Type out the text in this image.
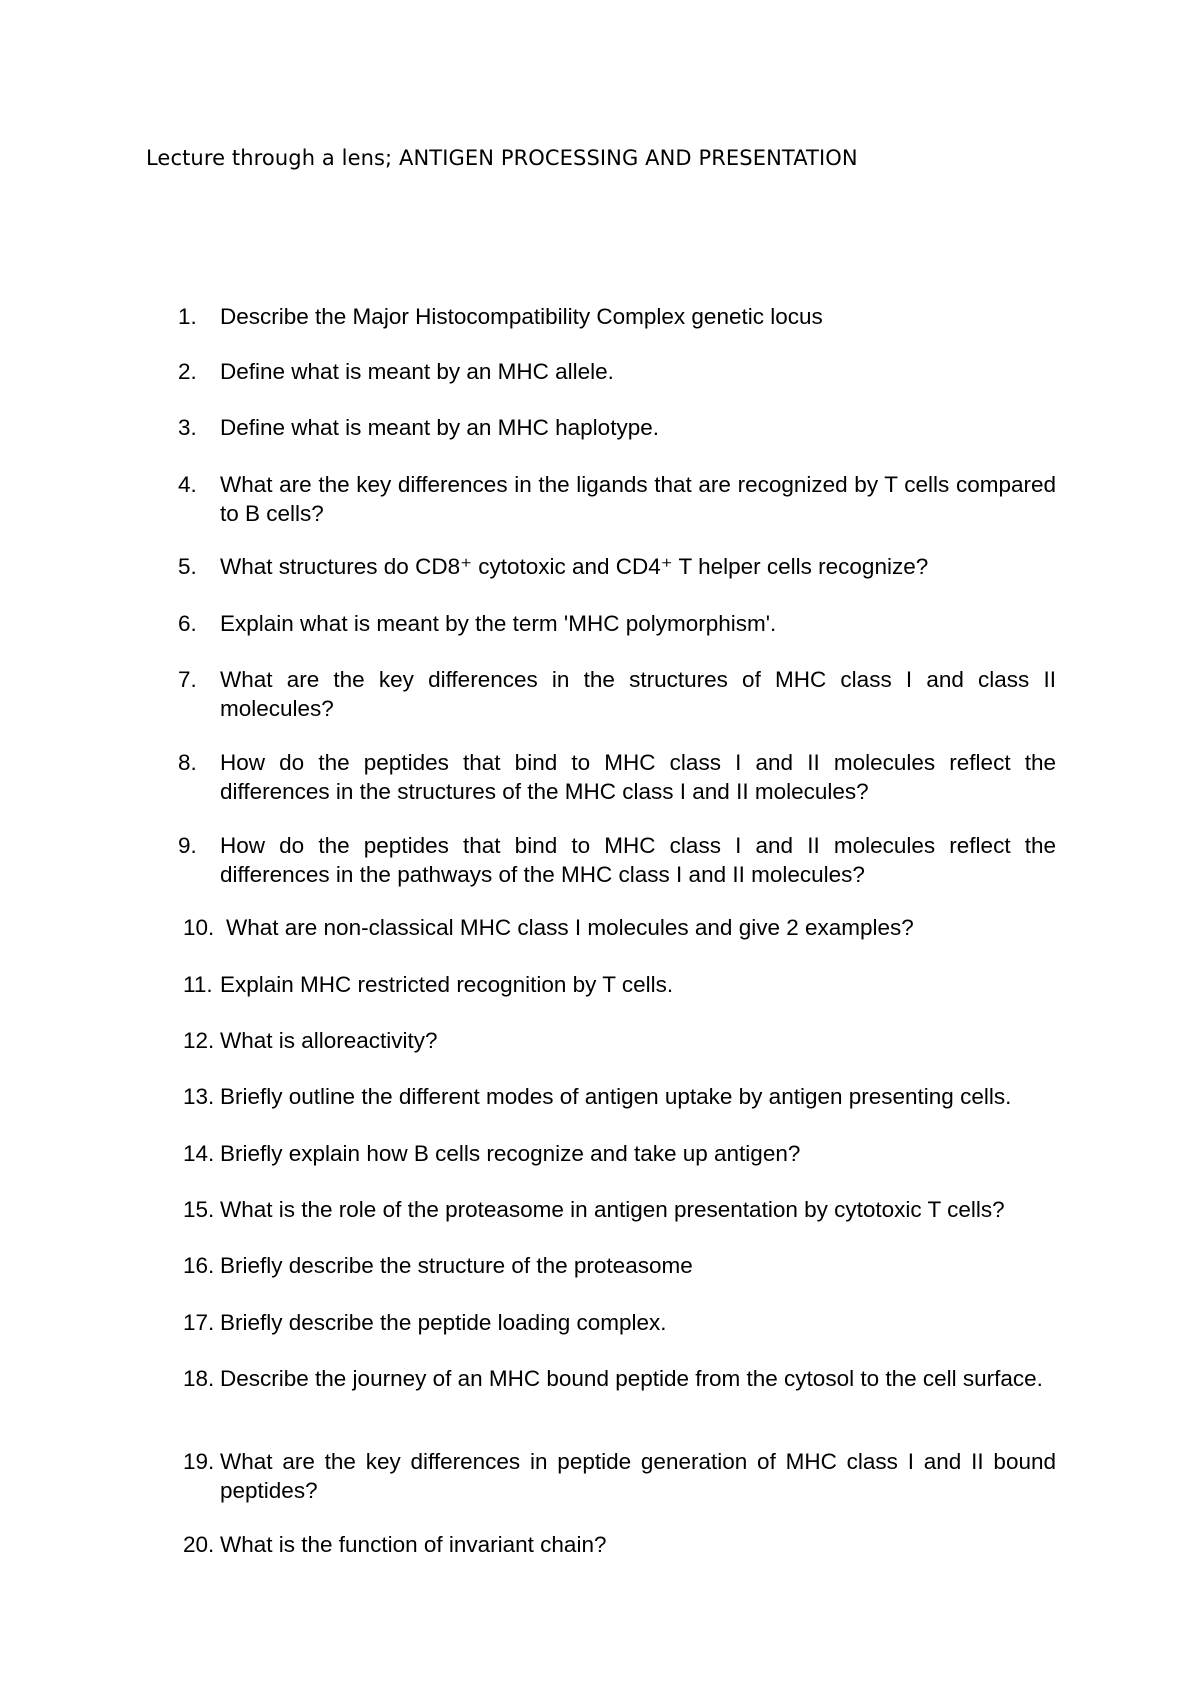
Lecture through a lens; ANTIGEN PROCESSING AND PRESENTATION
1. Describe the Major Histocompatibility Complex genetic locus
2. Define what is meant by an MHC allele.
3. Define what is meant by an MHC haplotype.
4. What are the key differences in the ligands that are recognized by T cells compared to B cells?
5. What structures do CD8⁺ cytotoxic and CD4⁺ T helper cells recognize?
6. Explain what is meant by the term 'MHC polymorphism'.
7. What are the key differences in the structures of MHC class I and class II molecules?
8. How do the peptides that bind to MHC class I and II molecules reflect the differences in the structures of the MHC class I and II molecules?
9. How do the peptides that bind to MHC class I and II molecules reflect the differences in the pathways of the MHC class I and II molecules?
10. What are non-classical MHC class I molecules and give 2 examples?
11. Explain MHC restricted recognition by T cells.
12. What is alloreactivity?
13. Briefly outline the different modes of antigen uptake by antigen presenting cells.
14. Briefly explain how B cells recognize and take up antigen?
15. What is the role of the proteasome in antigen presentation by cytotoxic T cells?
16. Briefly describe the structure of the proteasome
17. Briefly describe the peptide loading complex.
18. Describe the journey of an MHC bound peptide from the cytosol to the cell surface.
19. What are the key differences in peptide generation of MHC class I and II bound peptides?
20. What is the function of invariant chain?
